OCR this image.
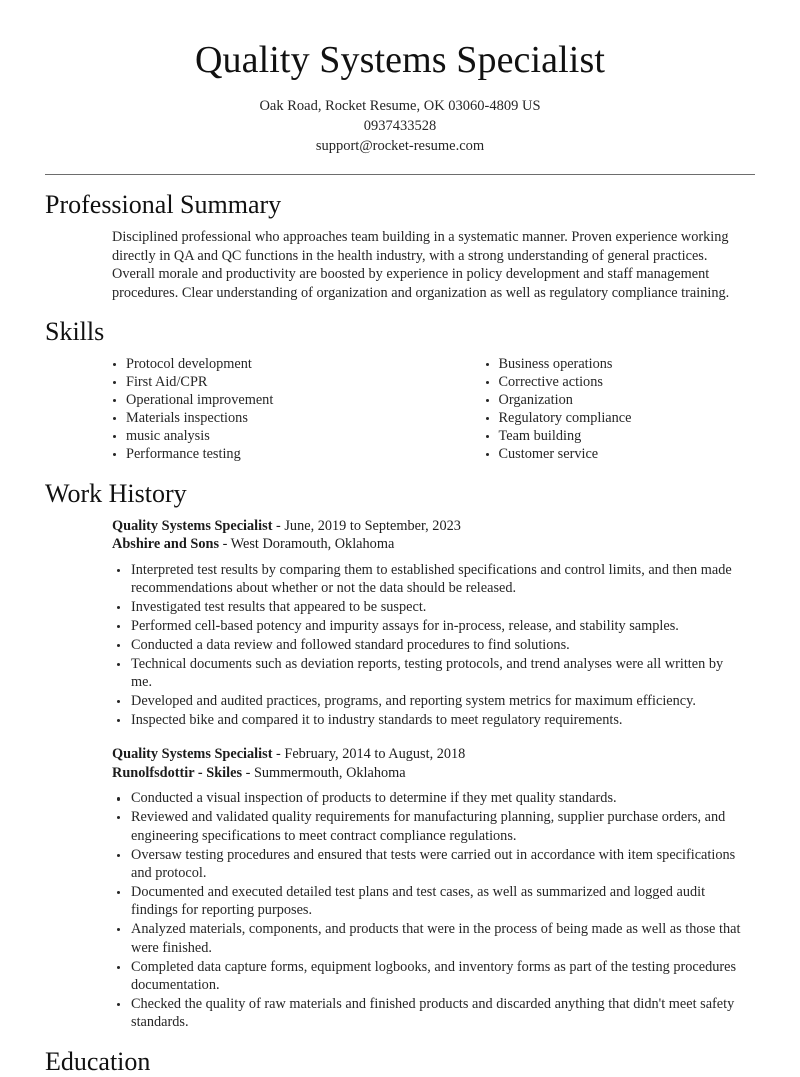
Quality Systems Specialist
Oak Road, Rocket Resume, OK 03060-4809 US
0937433528
support@rocket-resume.com
Professional Summary

Disciplined professional who approaches team building in a systematic manner. Proven experience working directly in QA and QC functions in the health industry, with a strong understanding of general practices. Overall morale and productivity are boosted by experience in policy development and staff management procedures. Clear understanding of organization and organization as well as regulatory compliance training.

Skills
Protocol development
First Aid/CPR
Operational improvement
Materials inspections
music analysis
Performance testing
Business operations
Corrective actions
Organization
Regulatory compliance
Team building
Customer service
Work History
Quality Systems Specialist - June, 2019 to September, 2023
Abshire and Sons - West Doramouth, Oklahoma
Interpreted test results by comparing them to established specifications and control limits, and then made recommendations about whether or not the data should be released.
Investigated test results that appeared to be suspect.
Performed cell-based potency and impurity assays for in-process, release, and stability samples.
Conducted a data review and followed standard procedures to find solutions.
Technical documents such as deviation reports, testing protocols, and trend analyses were all written by me.
Developed and audited practices, programs, and reporting system metrics for maximum efficiency.
Inspected bike and compared it to industry standards to meet regulatory requirements.
Quality Systems Specialist - February, 2014 to August, 2018
Runolfsdottir - Skiles - Summermouth, Oklahoma
Conducted a visual inspection of products to determine if they met quality standards.
Reviewed and validated quality requirements for manufacturing planning, supplier purchase orders, and engineering specifications to meet contract compliance regulations.
Oversaw testing procedures and ensured that tests were carried out in accordance with item specifications and protocol.
Documented and executed detailed test plans and test cases, as well as summarized and logged audit findings for reporting purposes.
Analyzed materials, components, and products that were in the process of being made as well as those that were finished.
Completed data capture forms, equipment logbooks, and inventory forms as part of the testing procedures documentation.
Checked the quality of raw materials and finished products and discarded anything that didn't meet safety standards.
Education
